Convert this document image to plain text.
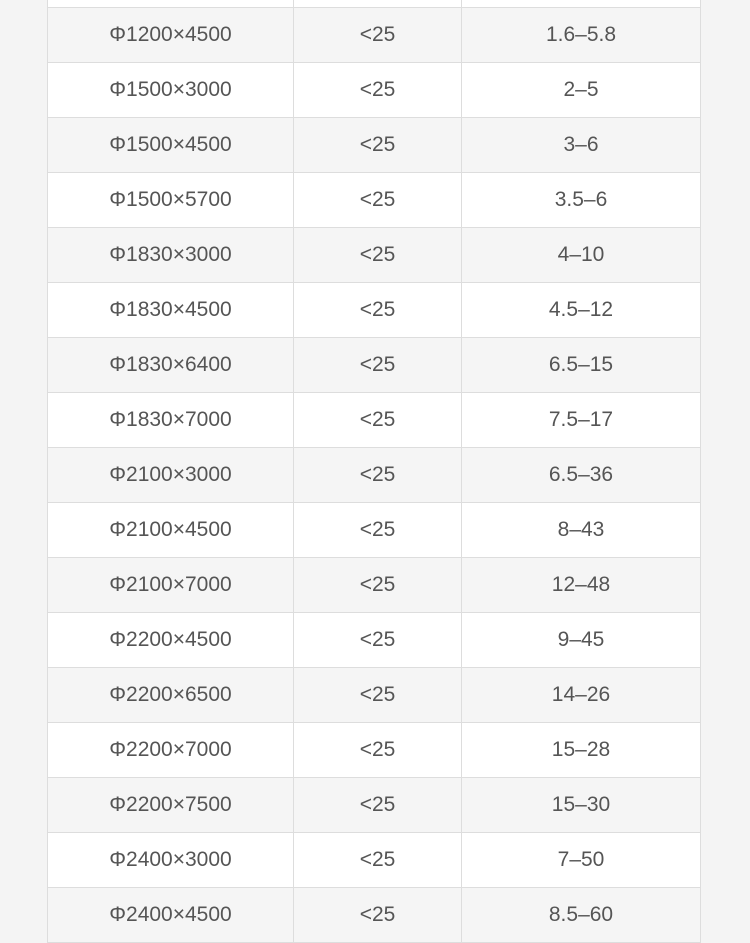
Φ1200×4500	<25	1.6–5.8
Φ1500×3000	<25	2–5
Φ1500×4500	<25	3–6
Φ1500×5700	<25	3.5–6
Φ1830×3000	<25	4–10
Φ1830×4500	<25	4.5–12
Φ1830×6400	<25	6.5–15
Φ1830×7000	<25	7.5–17
Φ2100×3000	<25	6.5–36
Φ2100×4500	<25	8–43
Φ2100×7000	<25	12–48
Φ2200×4500	<25	9–45
Φ2200×6500	<25	14–26
Φ2200×7000	<25	15–28
Φ2200×7500	<25	15–30
Φ2400×3000	<25	7–50
Φ2400×4500	<25	8.5–60
